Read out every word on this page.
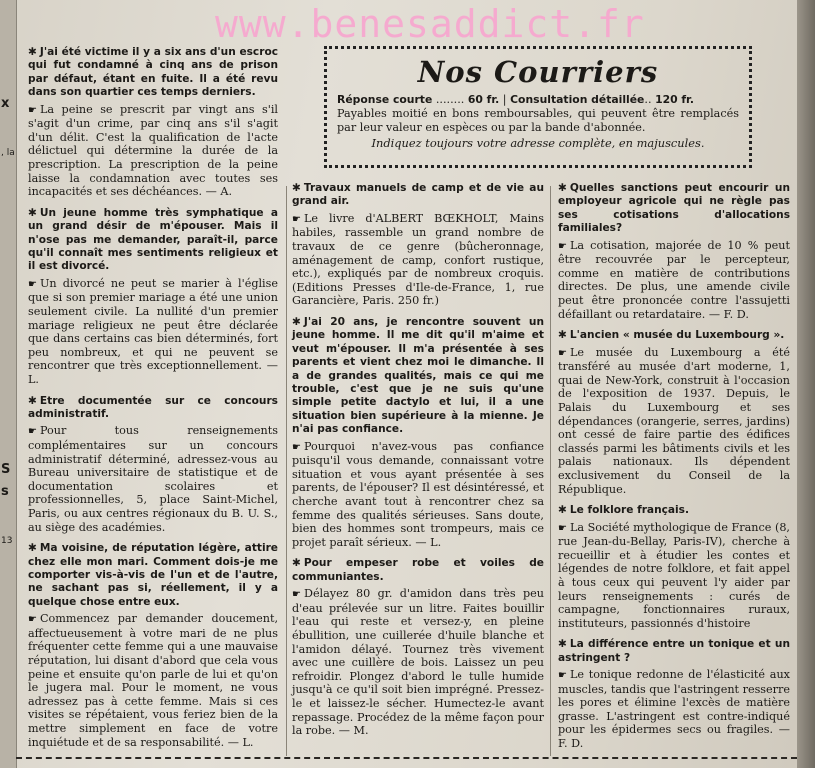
x
, la
S
s
13
www.benesaddict.fr
Nos Courriers

Réponse courte ........ 60 fr. | Consultation détaillée.. 120 fr.

Payables moitié en bons remboursables, qui peuvent être remplacés par leur valeur en espèces ou par la bande d'abonnée.

Indiquez toujours votre adresse complète, en majuscules.

✱ J'ai été victime il y a six ans d'un escroc qui fut condamné à cinq ans de prison par défaut, étant en fuite. Il a été revu dans son quartier ces temps derniers.
☛ La peine se prescrit par vingt ans s'il s'agit d'un crime, par cinq ans s'il s'agit d'un délit. C'est la qualification de l'acte délictuel qui détermine la durée de la prescription. La prescription de la peine laisse la condamnation avec toutes ses incapacités et ses déchéances. — A.
✱ Un jeune homme très symphatique a un grand désir de m'épouser. Mais il n'ose pas me demander, paraît-il, parce qu'il connaît mes sentiments religieux et il est divorcé.
☛ Un divorcé ne peut se marier à l'église que si son premier mariage a été une union seulement civile. La nullité d'un premier mariage religieux ne peut être déclarée que dans certains cas bien déterminés, fort peu nombreux, et qui ne peuvent se rencontrer que très exceptionnellement. — L.
✱ Etre documentée sur ce concours administratif.
☛ Pour tous renseignements complémentaires sur un concours administratif déterminé, adressez-vous au Bureau universitaire de statistique et de documentation scolaires et professionnelles, 5, place Saint-Michel, Paris, ou aux centres régionaux du B. U. S., au siège des académies.
✱ Ma voisine, de réputation légère, attire chez elle mon mari. Comment dois-je me comporter vis-à-vis de l'un et de l'autre, ne sachant pas si, réellement, il y a quelque chose entre eux.
☛ Commencez par demander doucement, affectueusement à votre mari de ne plus fréquenter cette femme qui a une mauvaise réputation, lui disant d'abord que cela vous peine et ensuite qu'on parle de lui et qu'on le jugera mal. Pour le moment, ne vous adressez pas à cette femme. Mais si ces visites se répétaient, vous feriez bien de la mettre simplement en face de votre inquiétude et de sa responsabilité. — L.
✱ Travaux manuels de camp et de vie au grand air.
☛ Le livre d'ALBERT BŒKHOLT, Mains habiles, rassemble un grand nombre de travaux de ce genre (bûcheronnage, aménagement de camp, confort rustique, etc.), expliqués par de nombreux croquis. (Editions Presses d'Ile-de-France, 1, rue Garancière, Paris. 250 fr.)
✱ J'ai 20 ans, je rencontre souvent un jeune homme. Il me dit qu'il m'aime et veut m'épouser. Il m'a présentée à ses parents et vient chez moi le dimanche. Il a de grandes qualités, mais ce qui me trouble, c'est que je ne suis qu'une simple petite dactylo et lui, il a une situation bien supérieure à la mienne. Je n'ai pas confiance.
☛ Pourquoi n'avez-vous pas confiance puisqu'il vous demande, connaissant votre situation et vous ayant présentée à ses parents, de l'épouser? Il est désintéressé, et cherche avant tout à rencontrer chez sa femme des qualités sérieuses. Sans doute, bien des hommes sont trompeurs, mais ce projet paraît sérieux. — L.
✱ Pour empeser robe et voiles de communiantes.
☛ Délayez 80 gr. d'amidon dans très peu d'eau prélevée sur un litre. Faites bouillir l'eau qui reste et versez-y, en pleine ébullition, une cuillerée d'huile blanche et l'amidon délayé. Tournez très vivement avec une cuillère de bois. Laissez un peu refroidir. Plongez d'abord le tulle humide jusqu'à ce qu'il soit bien imprégné. Pressez-le et laissez-le sécher. Humectez-le avant repassage. Procédez de la même façon pour la robe. — M.
✱ Quelles sanctions peut encourir un employeur agricole qui ne règle pas ses cotisations d'allocations familiales?
☛ La cotisation, majorée de 10 % peut être recouvrée par le percepteur, comme en matière de contributions directes. De plus, une amende civile peut être prononcée contre l'assujetti défaillant ou retardataire. — F. D.
✱ L'ancien « musée du Luxembourg ».
☛ Le musée du Luxembourg a été transféré au musée d'art moderne, 1, quai de New-York, construit à l'occasion de l'exposition de 1937. Depuis, le Palais du Luxembourg et ses dépendances (orangerie, serres, jardins) ont cessé de faire partie des édifices classés parmi les bâtiments civils et les palais nationaux. Ils dépendent exclusivement du Conseil de la République.
✱ Le folklore français.
☛ La Société mythologique de France (8, rue Jean-du-Bellay, Paris-IV), cherche à recueillir et à étudier les contes et légendes de notre folklore, et fait appel à tous ceux qui peuvent l'y aider par leurs renseignements : curés de campagne, fonctionnaires ruraux, instituteurs, passionnés d'histoire
✱ La différence entre un tonique et un astringent ?
☛ Le tonique redonne de l'élasticité aux muscles, tandis que l'astringent resserre les pores et élimine l'excès de matière grasse. L'astringent est contre-indiqué pour les épidermes secs ou fragiles. — F. D.
